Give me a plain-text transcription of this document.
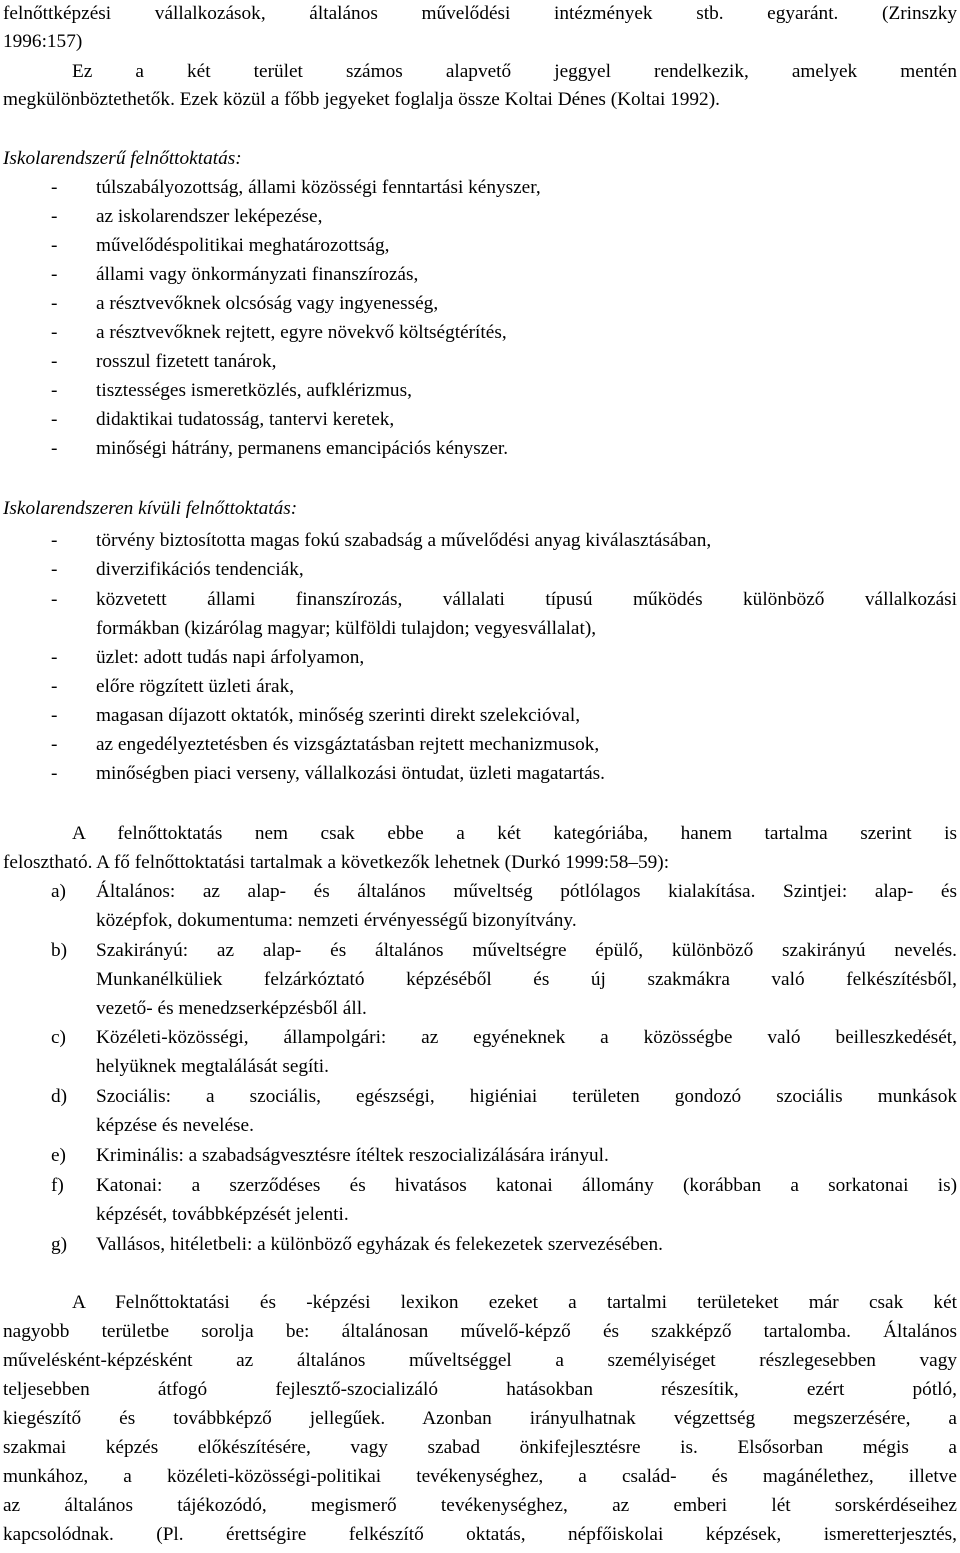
felnőttképzési vállalkozások, általános művelődési intézmények stb. egyaránt. (Zrinszky
1996:157)
Ez a két terület számos alapvető jeggyel rendelkezik, amelyek mentén
megkülönböztethetők. Ezek közül a főbb jegyeket foglalja össze Koltai Dénes (Koltai 1992).
Iskolarendszerű felnőttoktatás:
- túlszabályozottság, állami közösségi fenntartási kényszer,
- az iskolarendszer leképezése,
- művelődéspolitikai meghatározottság,
- állami vagy önkormányzati finanszírozás,
- a résztvevőknek olcsóság vagy ingyenesség,
- a résztvevőknek rejtett, egyre növekvő költségtérítés,
- rosszul fizetett tanárok,
- tisztességes ismeretközlés, aufklérizmus,
- didaktikai tudatosság, tantervi keretek,
- minőségi hátrány, permanens emancipációs kényszer.
Iskolarendszeren kívüli felnőttoktatás:
- törvény biztosította magas fokú szabadság a művelődési anyag kiválasztásában,
- diverzifikációs tendenciák,
- közvetett állami finanszírozás, vállalati típusú működés különböző vállalkozási
formákban (kizárólag magyar; külföldi tulajdon; vegyesvállalat),
- üzlet: adott tudás napi árfolyamon,
- előre rögzített üzleti árak,
- magasan díjazott oktatók, minőség szerinti direkt szelekcióval,
- az engedélyeztetésben és vizsgáztatásban rejtett mechanizmusok,
- minőségben piaci verseny, vállalkozási öntudat, üzleti magatartás.
A felnőttoktatás nem csak ebbe a két kategóriába, hanem tartalma szerint is
felosztható. A fő felnőttoktatási tartalmak a következők lehetnek (Durkó 1999:58–59):
a) Általános: az alap- és általános műveltség pótlólagos kialakítása. Szintjei: alap- és
középfok, dokumentuma: nemzeti érvényességű bizonyítvány.
b) Szakirányú: az alap- és általános műveltségre épülő, különböző szakirányú nevelés.
Munkanélküliek felzárkóztató képzéséből és új szakmákra való felkészítésből,
vezető- és menedzserképzésből áll.
c) Közéleti-közösségi, állampolgári: az egyéneknek a közösségbe való beilleszkedését,
helyüknek megtalálását segíti.
d) Szociális: a szociális, egészségi, higiéniai területen gondozó szociális munkások
képzése és nevelése.
e) Kriminális: a szabadságvesztésre ítéltek reszocializálására irányul.
f) Katonai: a szerződéses és hivatásos katonai állomány (korábban a sorkatonai is)
képzését, továbbképzését jelenti.
g) Vallásos, hitéletbeli: a különböző egyházak és felekezetek szervezésében.
A Felnőttoktatási és -képzési lexikon ezeket a tartalmi területeket már csak két
nagyobb területbe sorolja be: általánosan művelő-képző és szakképző tartalomba. Általános
művelésként-képzésként az általános műveltséggel a személyiséget részlegesebben vagy
teljesebben átfogó fejlesztő-szocializáló hatásokban részesítik, ezért pótló,
kiegészítő és továbbképző jellegűek. Azonban irányulhatnak végzettség megszerzésére, a
szakmai képzés előkészítésére, vagy szabad önkifejlesztésre is. Elsősorban mégis a
munkához, a közéleti-közösségi-politikai tevékenységhez, a család- és magánélethez, illetve
az általános tájékozódó, megismerő tevékenységhez, az emberi lét sorskérdéseihez
kapcsolódnak. (Pl. érettségire felkészítő oktatás, népfőiskolai képzések, ismeretterjesztés,
